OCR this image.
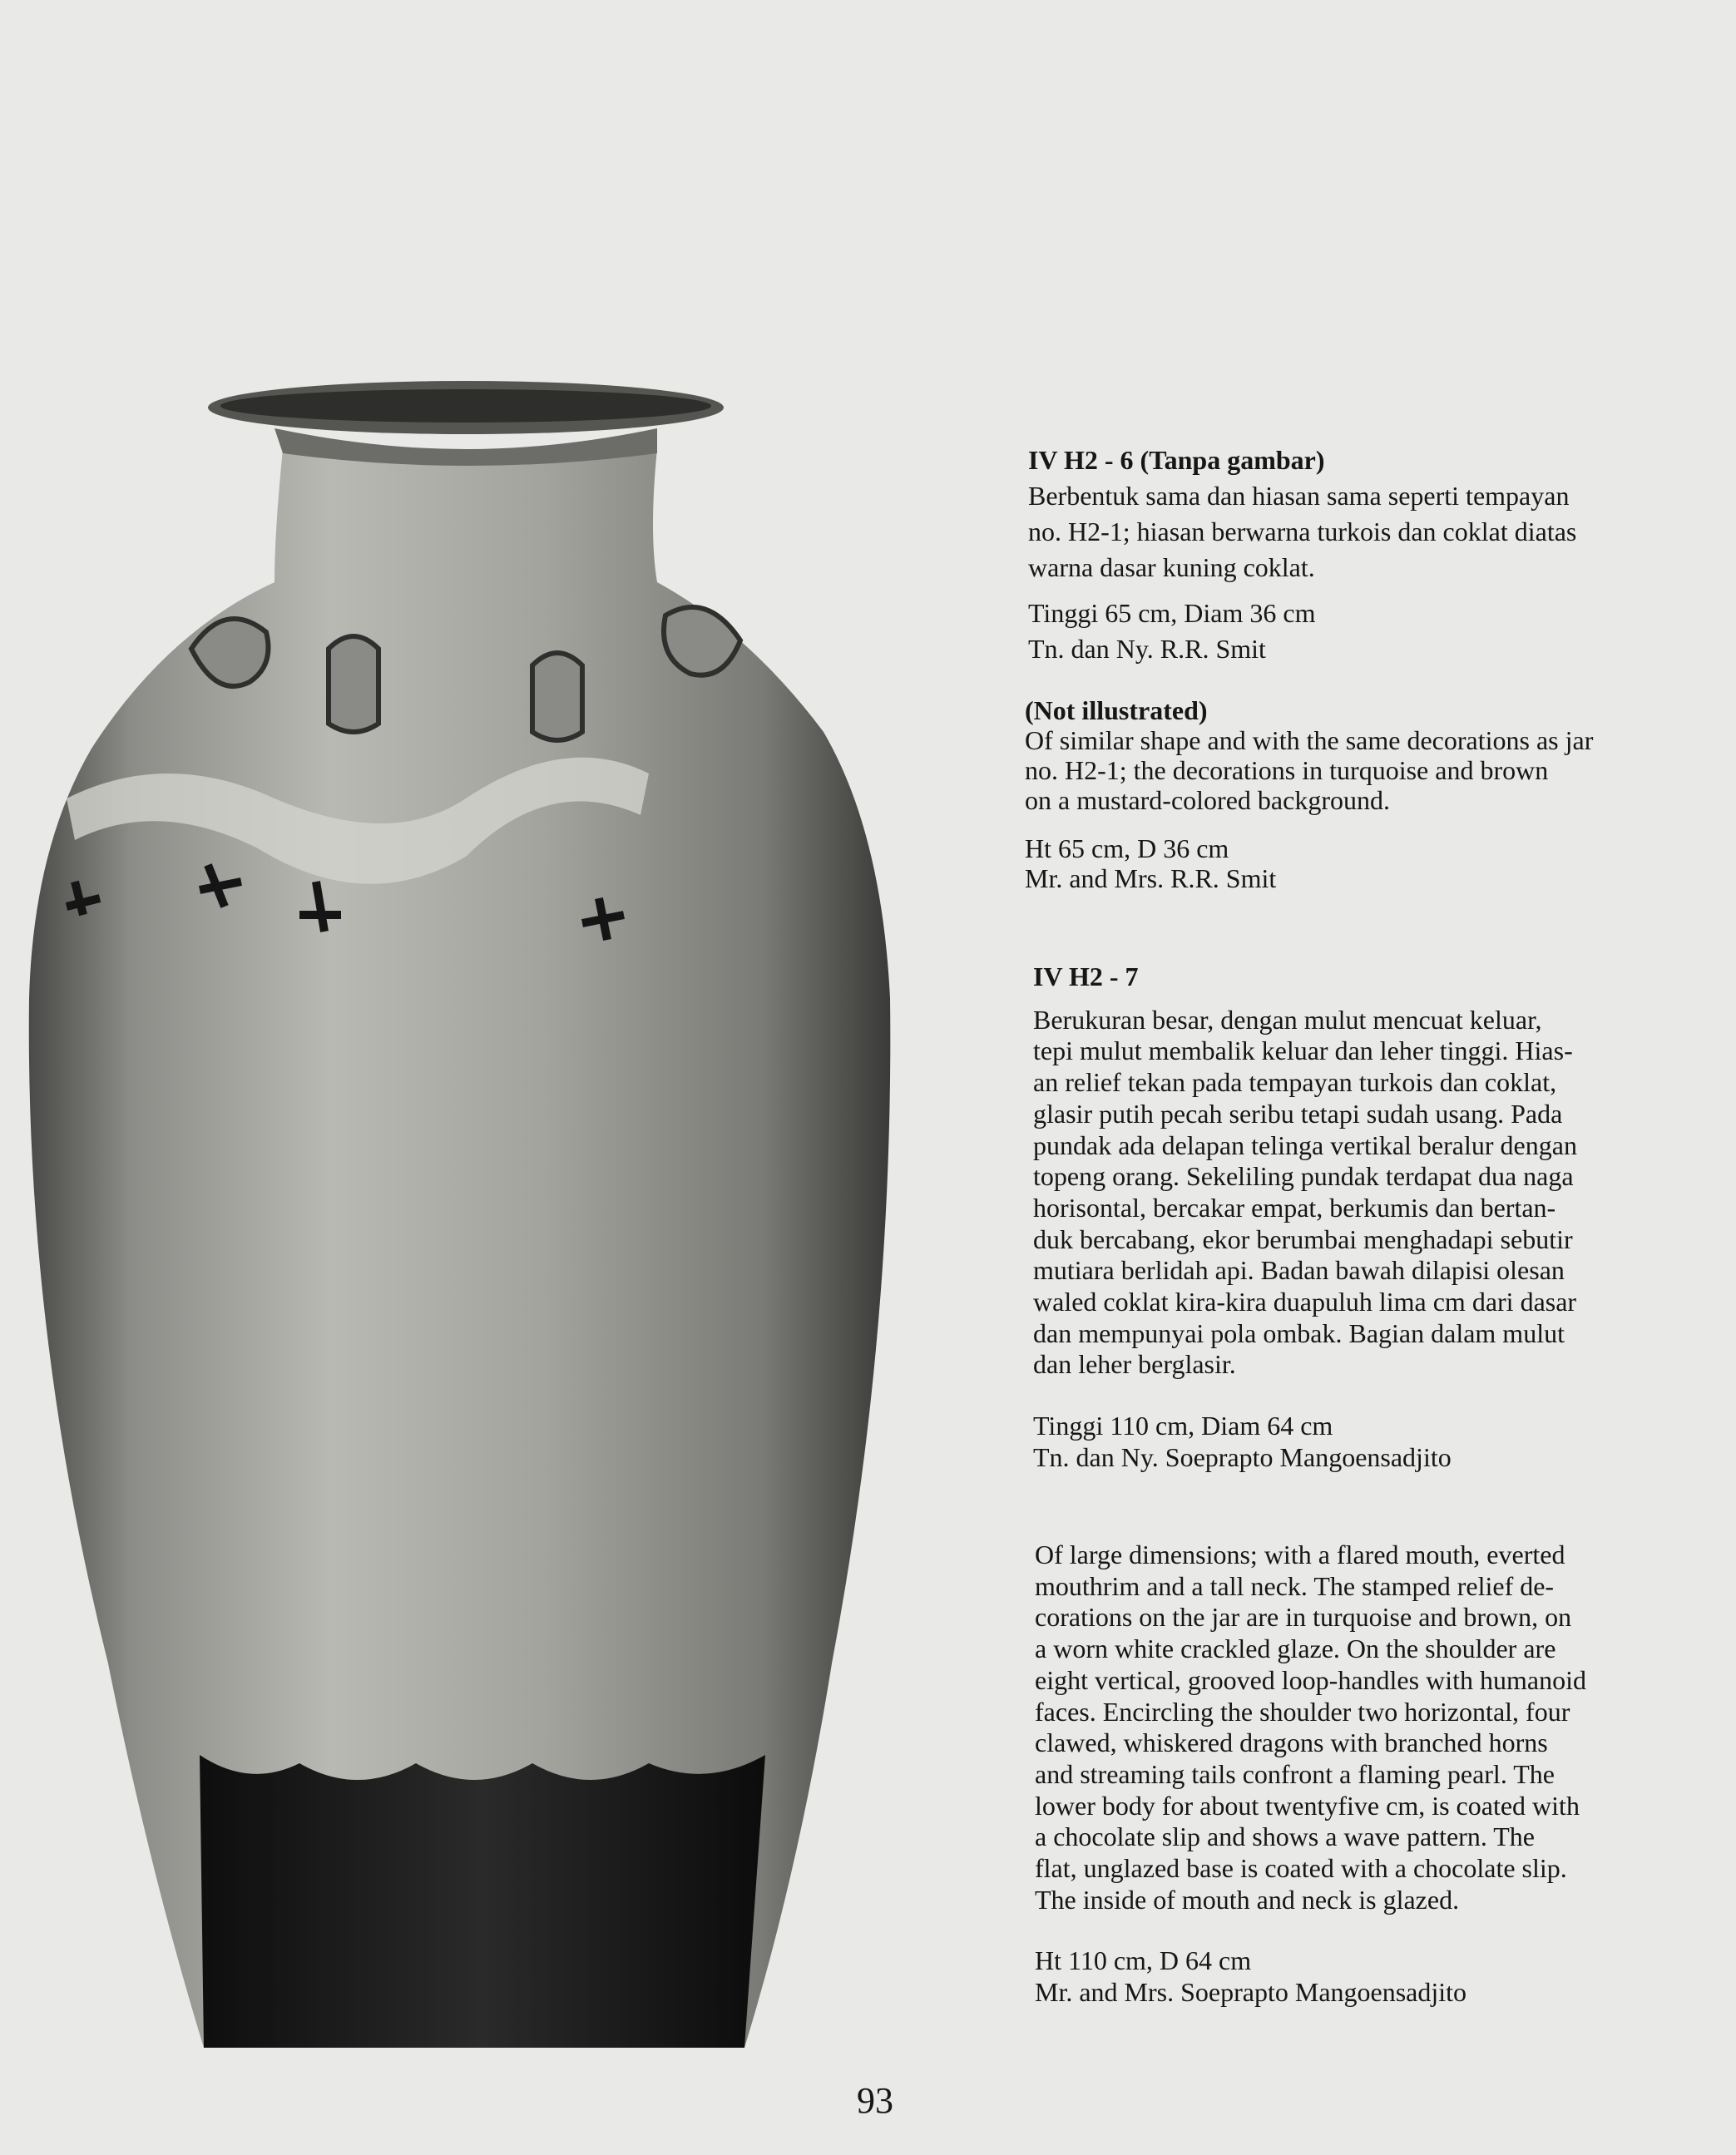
IV H2 - 6 (Tanpa gambar)
Berbentuk sama dan hiasan sama seperti tempayan
no. H2-1; hiasan berwarna turkois dan coklat diatas
warna dasar kuning coklat.
Tinggi 65 cm, Diam 36 cm
Tn. dan Ny. R.R. Smit
(Not illustrated)
Of similar shape and with the same decorations as jar
no. H2-1; the decorations in turquoise and brown
on a mustard-colored background.
Ht 65 cm, D 36 cm
Mr. and Mrs. R.R. Smit
IV H2 - 7
Berukuran besar, dengan mulut mencuat keluar,
tepi mulut membalik keluar dan leher tinggi. Hias-
an relief tekan pada tempayan turkois dan coklat,
glasir putih pecah seribu tetapi sudah usang. Pada
pundak ada delapan telinga vertikal beralur dengan
topeng orang. Sekeliling pundak terdapat dua naga
horisontal, bercakar empat, berkumis dan bertan-
duk bercabang, ekor berumbai menghadapi sebutir
mutiara berlidah api. Badan bawah dilapisi olesan
waled coklat kira-kira duapuluh lima cm dari dasar
dan mempunyai pola ombak. Bagian dalam mulut
dan leher berglasir.
Tinggi 110 cm, Diam 64 cm
Tn. dan Ny. Soeprapto Mangoensadjito
Of large dimensions; with a flared mouth, everted
mouthrim and a tall neck. The stamped relief de-
corations on the jar are in turquoise and brown, on
a worn white crackled glaze. On the shoulder are
eight vertical, grooved loop-handles with humanoid
faces. Encircling the shoulder two horizontal, four
clawed, whiskered dragons with branched horns
and streaming tails confront a flaming pearl. The
lower body for about twentyfive cm, is coated with
a chocolate slip and shows a wave pattern. The
flat, unglazed base is coated with a chocolate slip.
The inside of mouth and neck is glazed.
Ht 110 cm, D 64 cm
Mr. and Mrs. Soeprapto Mangoensadjito
93
